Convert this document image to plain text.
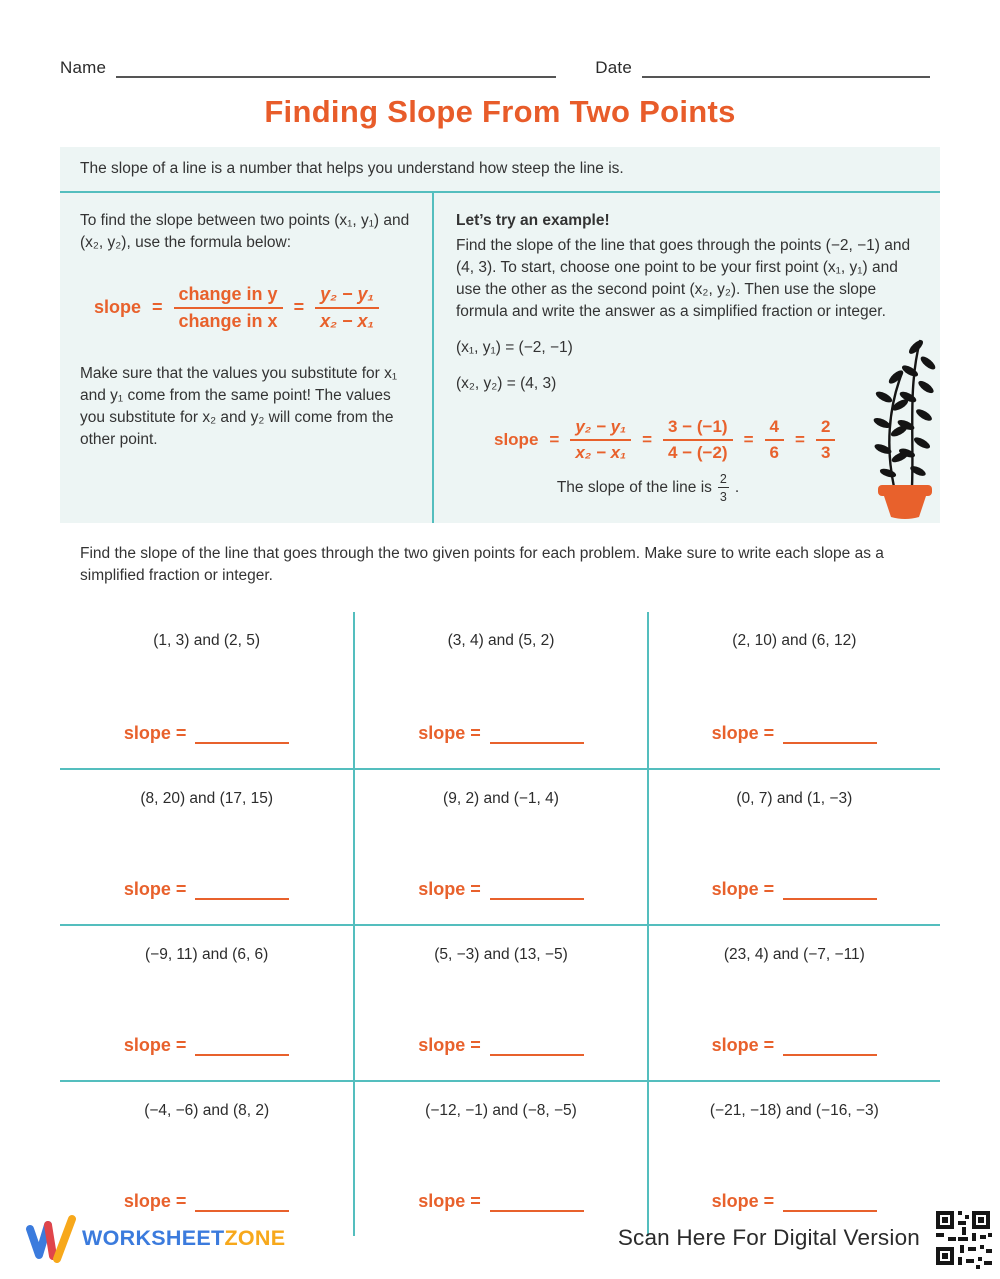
Name	Date
Finding Slope From Two Points

The slope of a line is a number that helps you understand how steep the line is.

To find the slope between two points (x₁, y₁) and (x₂, y₂), use the formula below:

slope = $\frac{\text{change in y}}{\text{change in x}} = \frac{\text{y₂ − y₁}}{\text{x₂ − x₁}}$

Make sure that the values you substitute for x₁ and y₁ come from the same point! The values you substitute for x₂ and y₂ will come from the other point.

Let’s try an example!

Find the slope of the line that goes through the points (−2, −1) and (4, 3). To start, choose one point to be your first point (x₁, y₁) and use the other as the second point (x₂, y₂). Then use the slope formula and write the answer as a simplified fraction or integer.

(x₁, y₁) = (−2, −1)

(x₂, y₂) = (4, 3)

slope = $\frac{\text{y₂ − y₁}}{\text{x₂ − x₁}} = \frac{3 - (-1)}{4 - (-2)} = \frac{4}{6} = \frac{2}{3}$
The slope of the line is $\frac{2}{3}$ .

Find the slope of the line that goes through the two given points for each problem. Make sure to write each slope as a simplified fraction or integer.

(1, 3) and (2, 5)
slope =
(3, 4) and (5, 2)
slope =
(2, 10) and (6, 12)
slope =
(8, 20) and (17, 15)
slope =
(9, 2) and (−1, 4)
slope =
(0, 7) and (1, −3)
slope =
(−9, 11) and (6, 6)
slope =
(5, −3) and (13, −5)
slope =
(23, 4) and (−7, −11)
slope =
(−4, −6) and (8, 2)
slope =
(−12, −1) and (−8, −5)
slope =
(−21, −18) and (−16, −3)
slope =
WORKSHEETZONE	Scan Here For Digital Version
